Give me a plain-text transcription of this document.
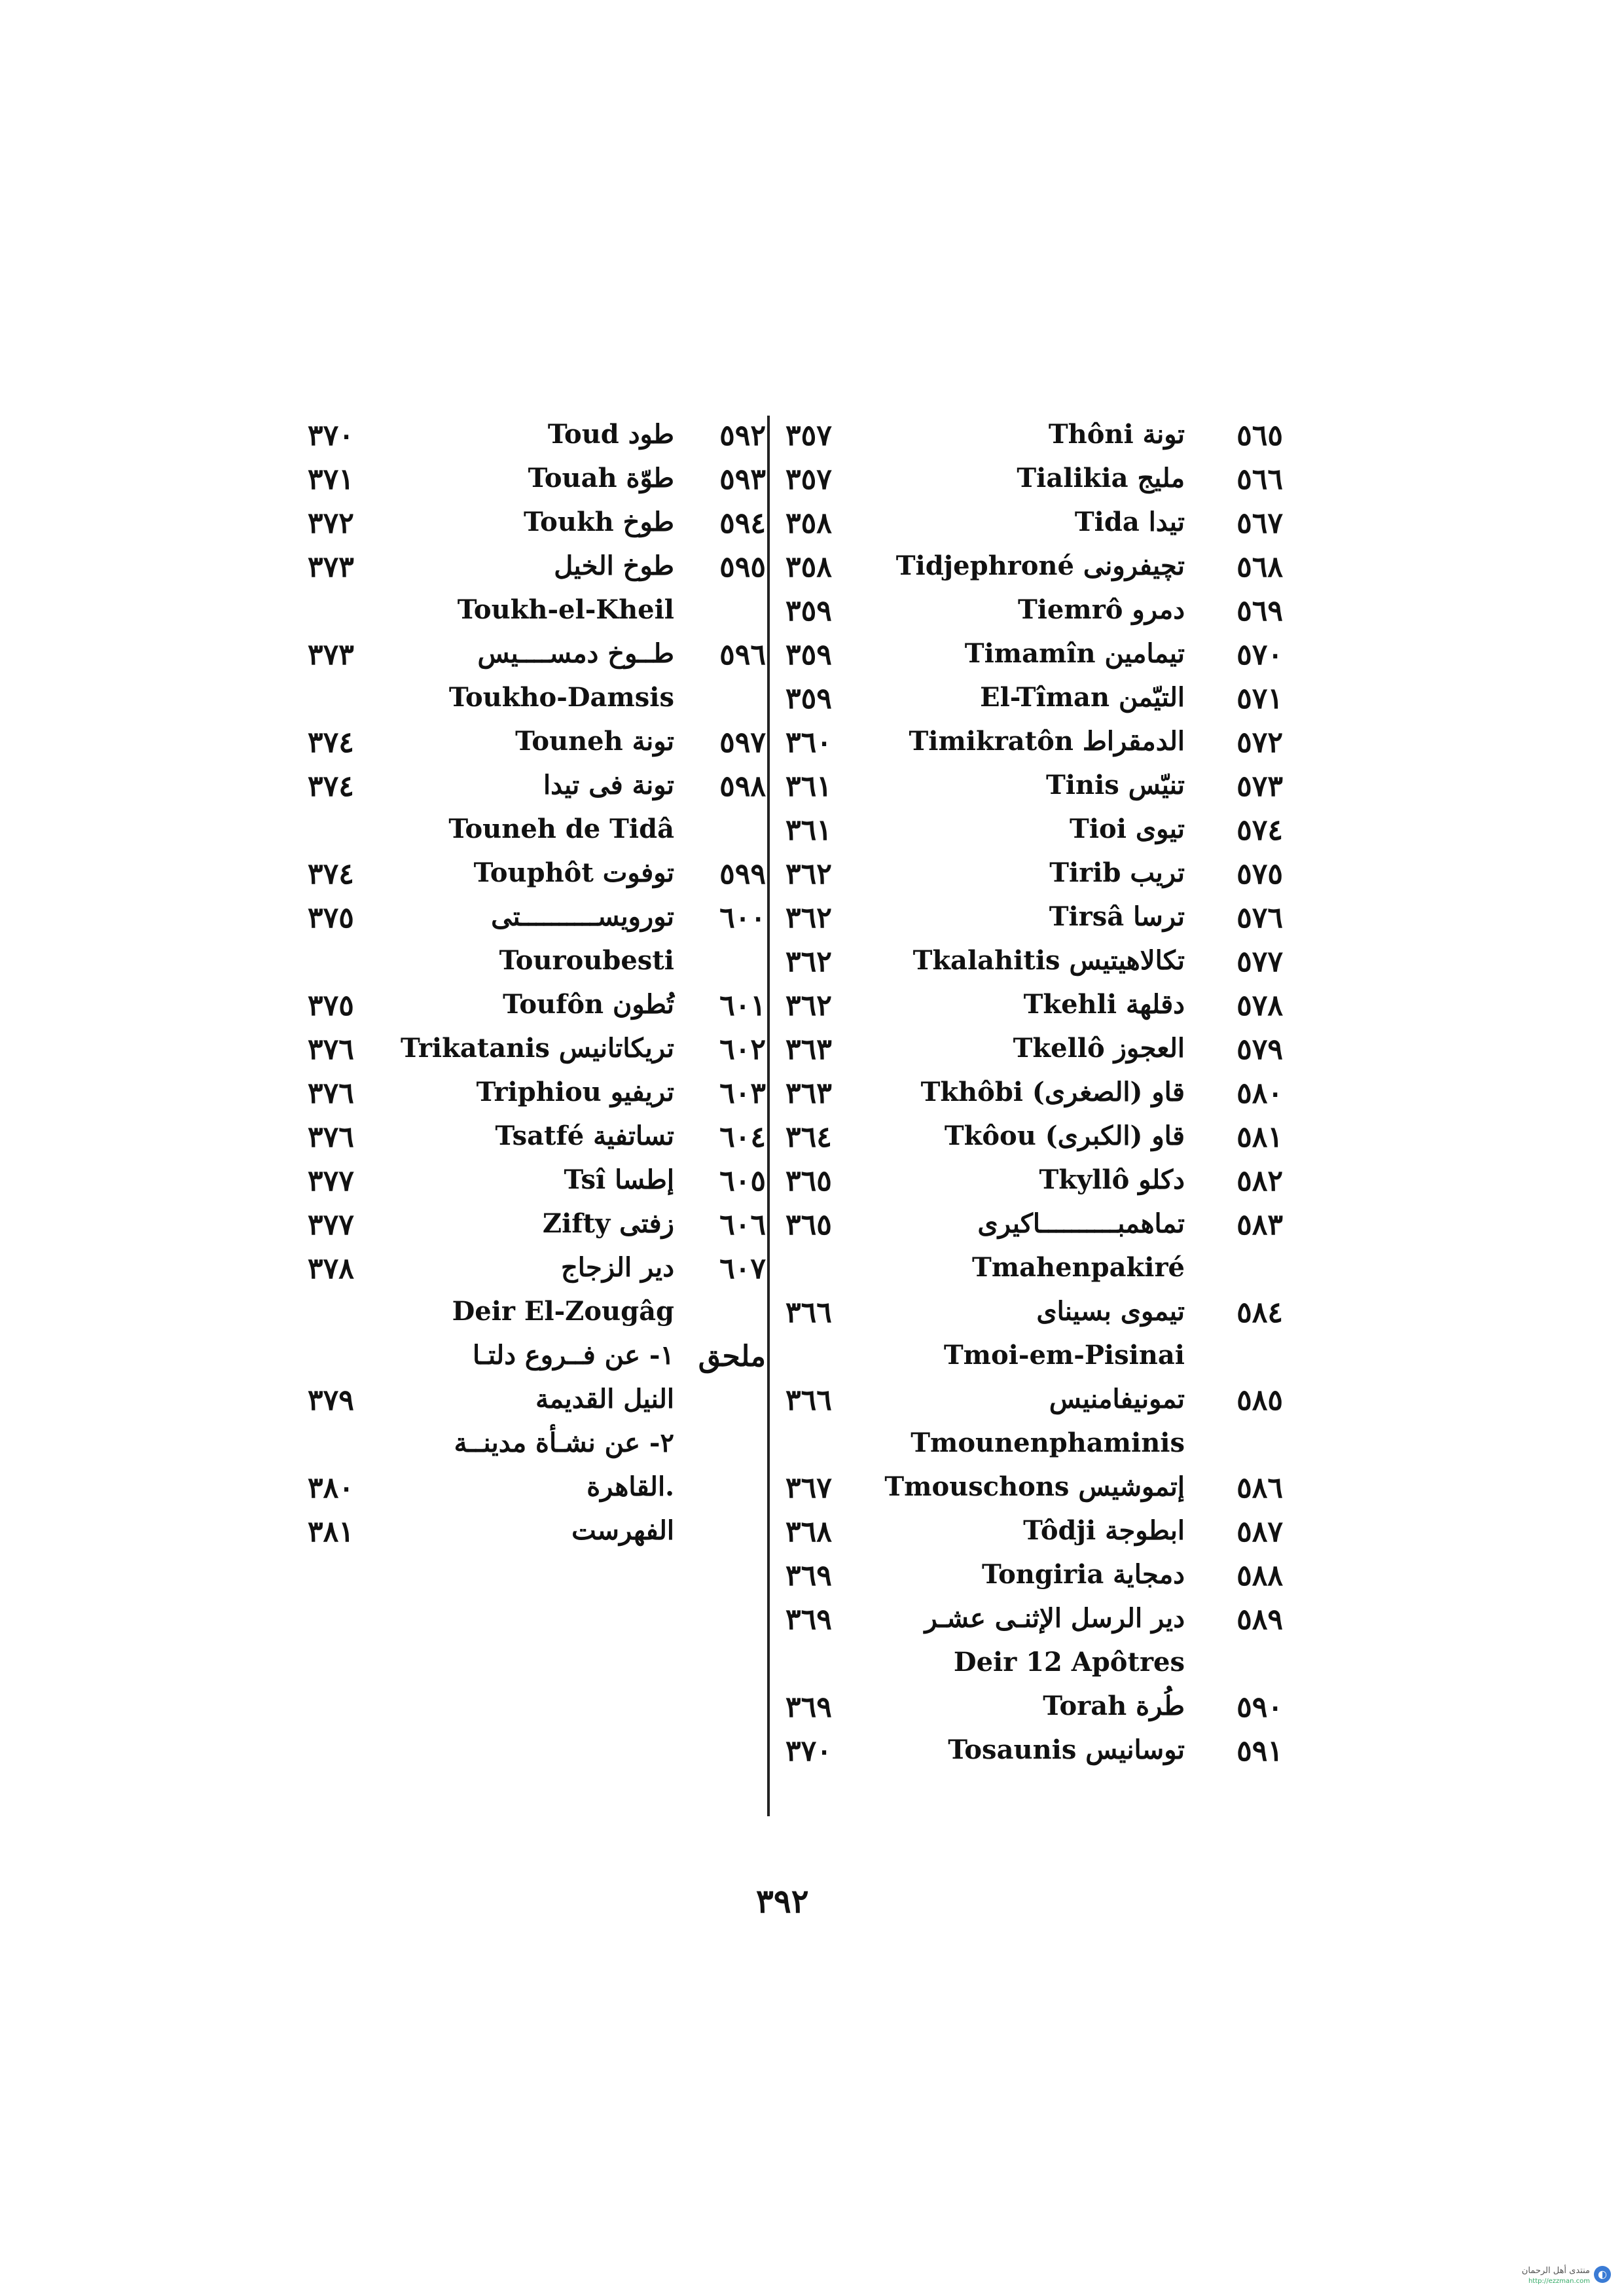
٥٦٥
Thôni تونة
٣٥٧
٥٦٦
Tialikia مليج
٣٥٧
٥٦٧
Tida تيدا
٣٥٨
٥٦٨
Tidjephroné تچيفرونى
٣٥٨
٥٦٩
Tiemrô دمرو
٣٥٩
٥٧٠
Timamîn تيمامين
٣٥٩
٥٧١
El-Tîman التيّمن
٣٥٩
٥٧٢
Timikratôn الدمقراط
٣٦٠
٥٧٣
Tinis تنيّس
٣٦١
٥٧٤
Tioi تيوى
٣٦١
٥٧٥
Tirib تريب
٣٦٢
٥٧٦
Tirsâ ترسا
٣٦٢
٥٧٧
Tkalahitis تكالاهيتيس
٣٦٢
٥٧٨
Tkehli دقلهة
٣٦٢
٥٧٩
Tkellô العجوز
٣٦٣
٥٨٠
Tkhôbi قاو (الصغرى)
٣٦٣
٥٨١
Tkôou قاو (الكبرى)
٣٦٤
٥٨٢
Tkyllô دكلو
٣٦٥
٥٨٣
تماهمبــــــــــاكيرى
٣٦٥
Tmahenpakiré
٥٨٤
تيموى بسيناى
٣٦٦
Tmoi-em-Pisinai
٥٨٥
تمونيفامنيس
٣٦٦
Tmounenphaminis
٥٨٦
Tmouschons إتموشيس
٣٦٧
٥٨٧
Tôdji ابطوجة
٣٦٨
٥٨٨
Tongiria دمجاية
٣٦٩
٥٨٩
دير الرسل الإثنـى عشـر
٣٦٩
Deir 12 Apôtres
٥٩٠
Torah طُرة
٣٦٩
٥٩١
Tosaunis توسانيس
٣٧٠
٥٩٢
Toud طود
٣٧٠
٥٩٣
Touah طوّة
٣٧١
٥٩٤
Toukh طوخ
٣٧٢
٥٩٥
طوخ الخيل
٣٧٣
Toukh-el-Kheil
٥٩٦
طــوخ دمســــيس
٣٧٣
Toukho-Damsis
٥٩٧
Touneh تونة
٣٧٤
٥٩٨
تونة فى تيدا
٣٧٤
Touneh de Tidâ
٥٩٩
Touphôt توفوت
٣٧٤
٦٠٠
تورويســــــــــتى
٣٧٥
Touroubesti
٦٠١
Toufôn تُطون
٣٧٥
٦٠٢
Trikatanis تريكاتانيس
٣٧٦
٦٠٣
Triphiou تريفيو
٣٧٦
٦٠٤
Tsatfé تساتفية
٣٧٦
٦٠٥
Tsî إطسا
٣٧٧
٦٠٦
Zifty زفتى
٣٧٧
٦٠٧
دير الزجاج
٣٧٨
Deir El-Zougâg
ملحق
١- عن فــروع دلتـا
النيل القديمة
٣٧٩
٢- عن نشـأة مدينــة
القاهرة.
٣٨٠
الفهرست
٣٨١
٣٩٢
◐
منتدى أهل الرحمان
http://ezzman.com
